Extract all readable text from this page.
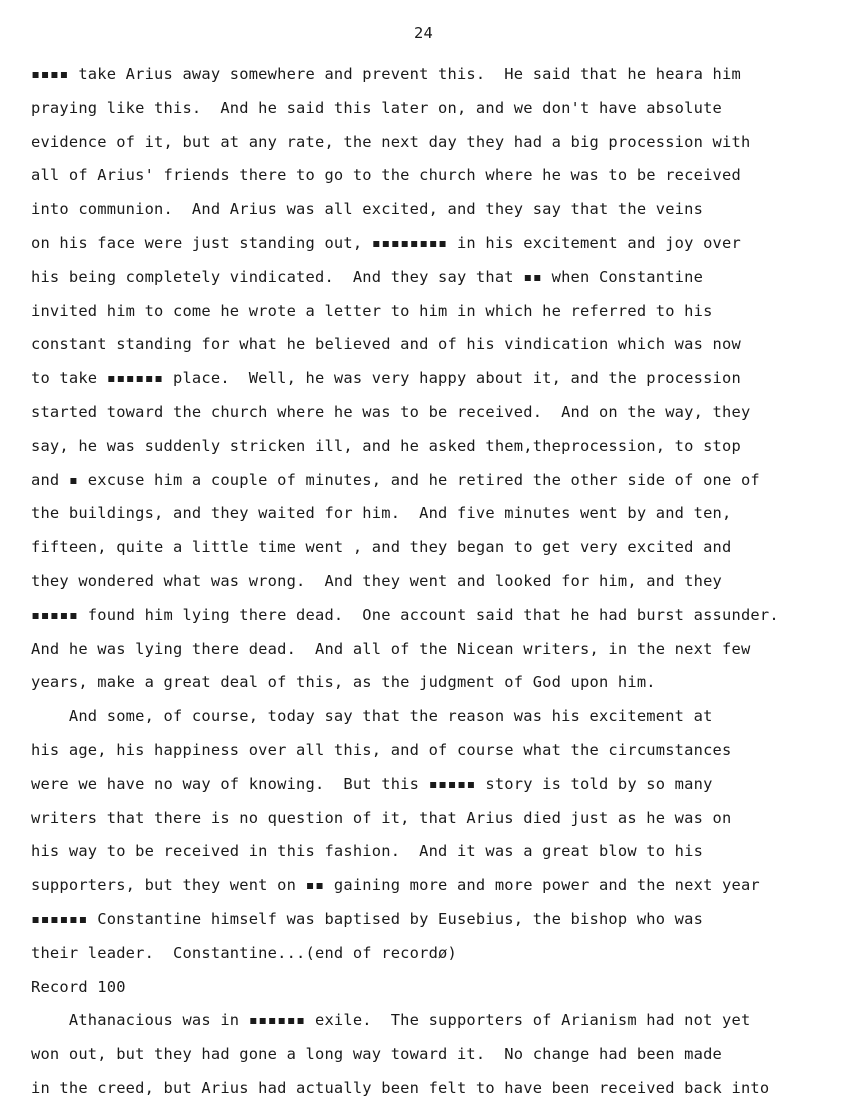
24
▪▪▪▪ take Arius away somewhere and prevent this.  He said that he heara him
praying like this.  And he said this later on, and we don't have absolute
evidence of it, but at any rate, the next day they had a big procession with
all of Arius' friends there to go to the church where he was to be received
into communion.  And Arius was all excited, and they say that the veins
on his face were just standing out, ▪▪▪▪▪▪▪▪ in his excitement and joy over
his being completely vindicated.  And they say that ▪▪ when Constantine
invited him to come he wrote a letter to him in which he referred to his
constant standing for what he believed and of his vindication which was now
to take ▪▪▪▪▪▪ place.  Well, he was very happy about it, and the procession
started toward the church where he was to be received.  And on the way, they
say, he was suddenly stricken ill, and he asked them,theprocession, to stop
and ▪ excuse him a couple of minutes, and he retired the other side of one of
the buildings, and they waited for him.  And five minutes went by and ten,
fifteen, quite a little time went , and they began to get very excited and
they wondered what was wrong.  And they went and looked for him, and they
▪▪▪▪▪ found him lying there dead.  One account said that he had burst assunder.
And he was lying there dead.  And all of the Nicean writers, in the next few
years, make a great deal of this, as the judgment of God upon him.
And some, of course, today say that the reason was his excitement at
his age, his happiness over all this, and of course what the circumstances
were we have no way of knowing.  But this ▪▪▪▪▪ story is told by so many
writers that there is no question of it, that Arius died just as he was on
his way to be received in this fashion.  And it was a great blow to his
supporters, but they went on ▪▪ gaining more and more power and the next year
▪▪▪▪▪▪ Constantine himself was baptised by Eusebius, the bishop who was
their leader.  Constantine...(end of recordø)
Record 100
Athanacious was in ▪▪▪▪▪▪ exile.  The supporters of Arianism had not yet
won out, but they had gone a long way toward it.  No change had been made
in the creed, but Arius had actually been felt to have been received back into
